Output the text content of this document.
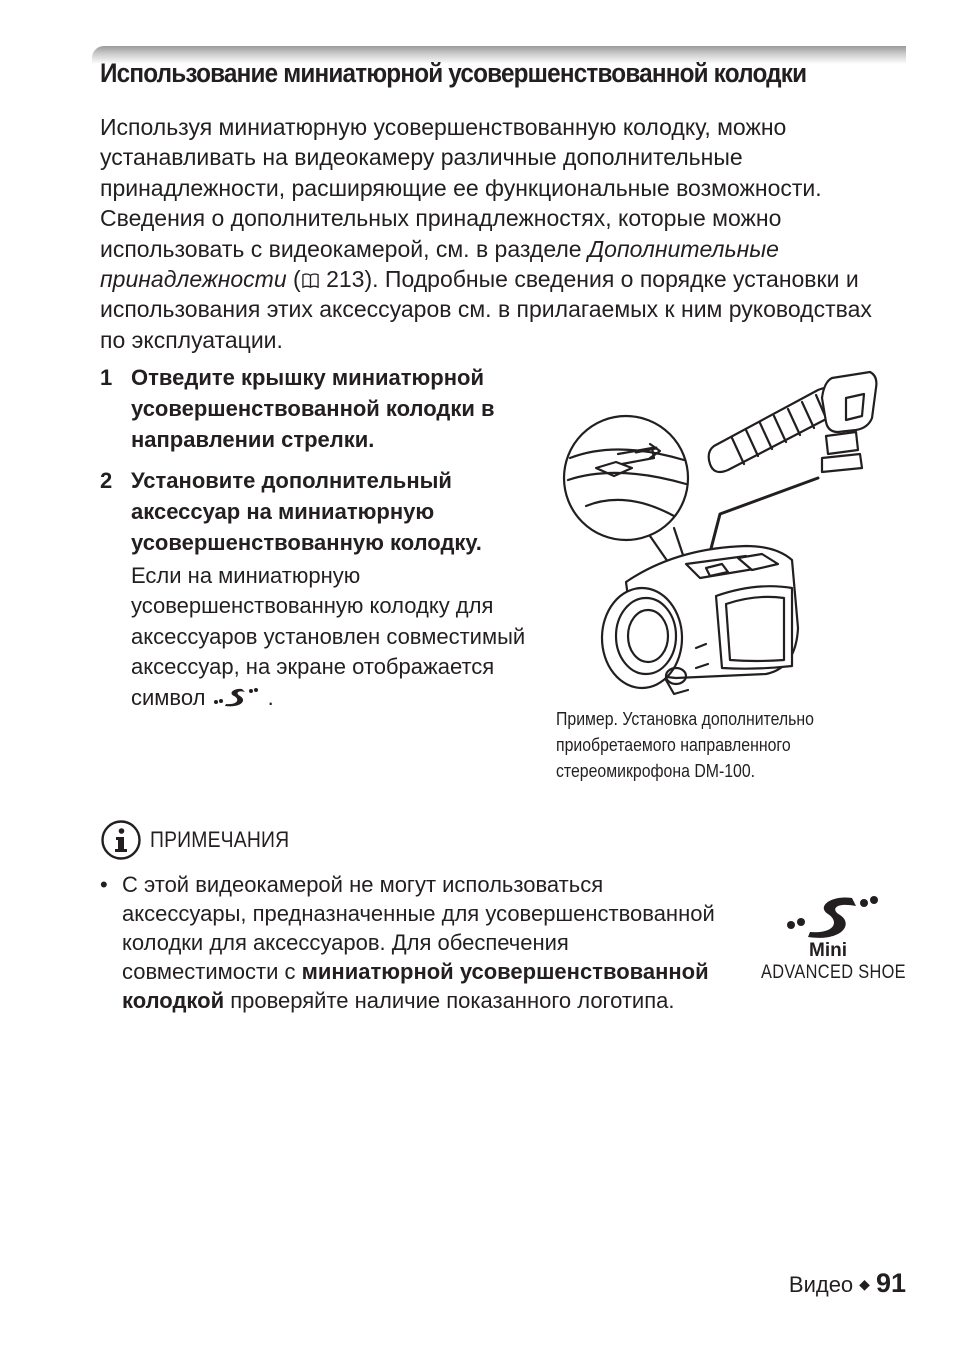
Использование миниатюрной усовершенствованной колодки
Используя миниатюрную усовершенствованную колодку, можно устанавливать на видеокамеру различные дополнительные принадлежности, расширяющие ее функциональные возможности. Сведения о дополнительных принадлежностях, которые можно использовать с видеокамерой, см. в разделе Дополнительные принадлежности ( 213). Подробные сведения о порядке установки и использования этих аксессуаров см. в прилагаемых к ним руководствах по эксплуатации.
1 Отведите крышку миниатюрной усовершенствованной колодки в направлении стрелки.
2 Установите дополнительный аксессуар на миниатюрную усовершенствованную колодку.
Если на миниатюрную усовершенствованную колодку для аксессуаров установлен совместимый аксессуар, на экране отображается символ  .
Пример. Установка дополнительно приобретаемого направленного стереомикрофона DM-100.
ПРИМЕЧАНИЯ
• С этой видеокамерой не могут использоваться аксессуары, предназначенные для усовершенствованной колодки для аксессуаров. Для обеспечения совместимости с миниатюрной усовершенствованной колодкой проверяйте наличие показанного логотипа.
Mini
ADVANCED SHOE
Видео ◆ 91
